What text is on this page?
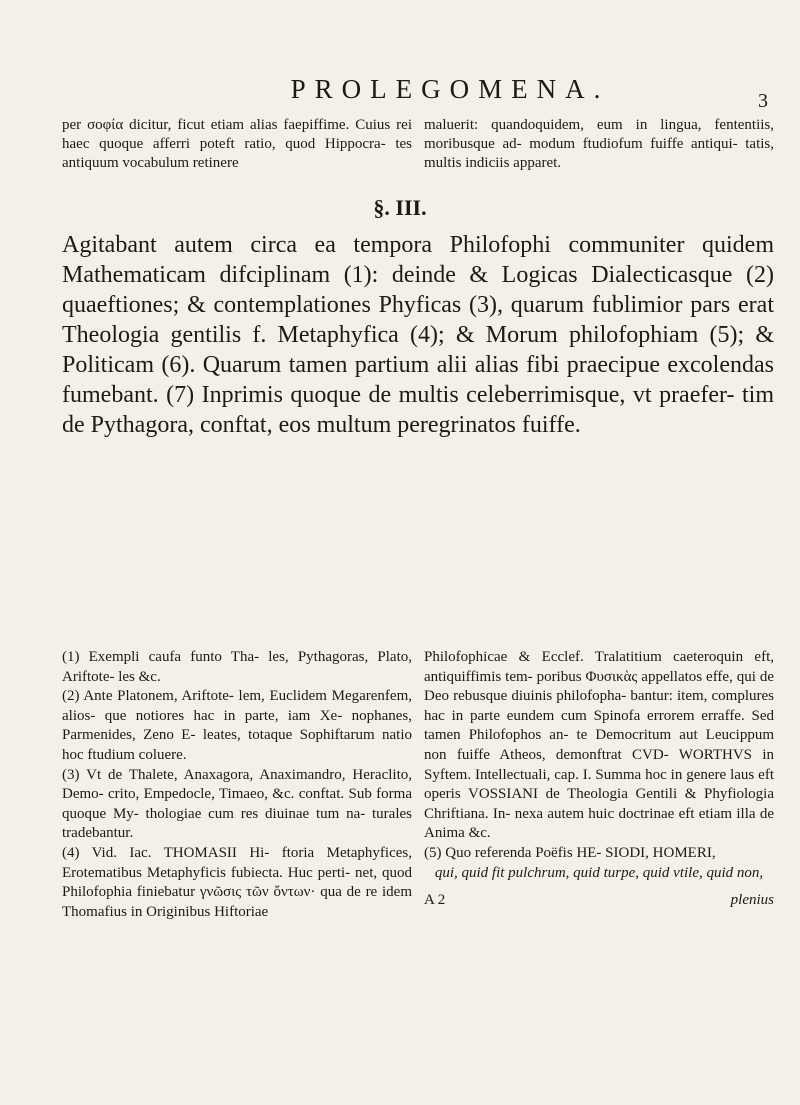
PROLEGOMENA.	3
per σοφία dicitur, ficut etiam alias faepiffime. Cuius rei haec quoque afferri poteft ratio, quod Hippocra- tes antiquum vocabulum retinere
maluerit: quandoquidem, eum in lingua, fententiis, moribusque ad- modum ftudiofum fuiffe antiqui- tatis, multis indiciis apparet.
§. III.
Agitabant autem circa ea tempora Philofophi communiter quidem Mathematicam difciplinam (1): deinde & Logicas Dialecticasque (2) quaeftiones; & contemplationes Phyficas (3), quarum fublimior pars erat Theologia gentilis f. Metaphyfica (4); & Morum philofophiam (5); & Politicam (6). Quarum tamen partium alii alias fibi praecipue excolendas fumebant. (7) Inprimis quoque de multis celeberrimisque, vt praefer- tim de Pythagora, conftat, eos multum peregrinatos fuiffe.

(1) Exempli caufa funto Tha- les, Pythagoras, Plato, Ariftote- les &c.

(2) Ante Platonem, Ariftote- lem, Euclidem Megarenfem, alios- que notiores hac in parte, iam Xe- nophanes, Parmenides, Zeno E- leates, totaque Sophiftarum natio hoc ftudium coluere.

(3) Vt de Thalete, Anaxagora, Anaximandro, Heraclito, Demo- crito, Empedocle, Timaeo, &c. conftat. Sub forma quoque My- thologiae cum res diuinae tum na- turales tradebantur.

(4) Vid. Iac. THOMASII Hi- ftoria Metaphyfices, Erotematibus Metaphyficis fubiecta. Huc perti- net, quod Philofophia finiebatur γνῶσις τῶν ὄντων· qua de re idem Thomafius in Originibus Hiftoriae

Philofophicae & Ecclef. Tralatitium caeteroquin eft, antiquiffimis tem- poribus Φυσικὰς appellatos effe, qui de Deo rebusque diuinis philofopha- bantur: item, complures hac in parte eundem cum Spinofa errorem erraffe. Sed tamen Philofophos an- te Democritum aut Leucippum non fuiffe Atheos, demonftrat CVD- WORTHVS in Syftem. Intellectuali, cap. I. Summa hoc in genere laus eft operis VOSSIANI de Theologia Gentili & Phyfiologia Chriftiana. In- nexa autem huic doctrinae eft etiam illa de Anima &c.

(5) Quo referenda Poëfis HE- SIODI, HOMERI,

qui, quid fit pulchrum, quid turpe, quid vtile, quid non,

A 2	plenius
